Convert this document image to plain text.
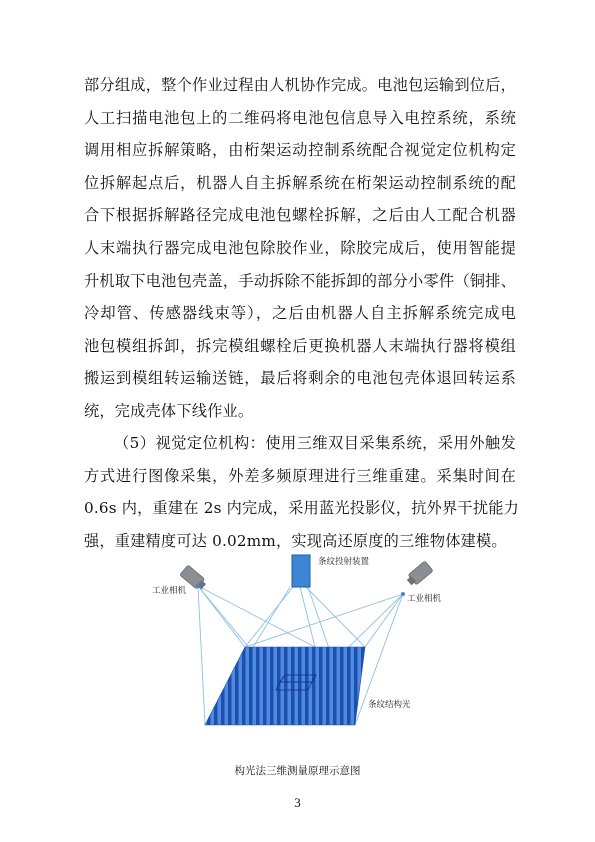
部分组成，整个作业过程由人机协作完成。电池包运输到位后，
人工扫描电池包上的二维码将电池包信息导入电控系统，系统
调用相应拆解策略，由桁架运动控制系统配合视觉定位机构定
位拆解起点后，机器人自主拆解系统在桁架运动控制系统的配
合下根据拆解路径完成电池包螺栓拆解，之后由人工配合机器
人末端执行器完成电池包除胶作业，除胶完成后，使用智能提
升机取下电池包壳盖，手动拆除不能拆卸的部分小零件（铜排、
冷却管、传感器线束等），之后由机器人自主拆解系统完成电
池包模组拆卸，拆完模组螺栓后更换机器人末端执行器将模组
搬运到模组转运输送链，最后将剩余的电池包壳体退回转运系
统，完成壳体下线作业。
（5）视觉定位机构：使用三维双目采集系统，采用外触发
方式进行图像采集，外差多频原理进行三维重建。采集时间在
0.6s 内，重建在 2s 内完成，采用蓝光投影仪，抗外界干扰能力
强，重建精度可达 0.02mm，实现高还原度的三维物体建模。
条纹投射装置
工业相机
工业相机
条纹结构光
构光法三维测量原理示意图
3
